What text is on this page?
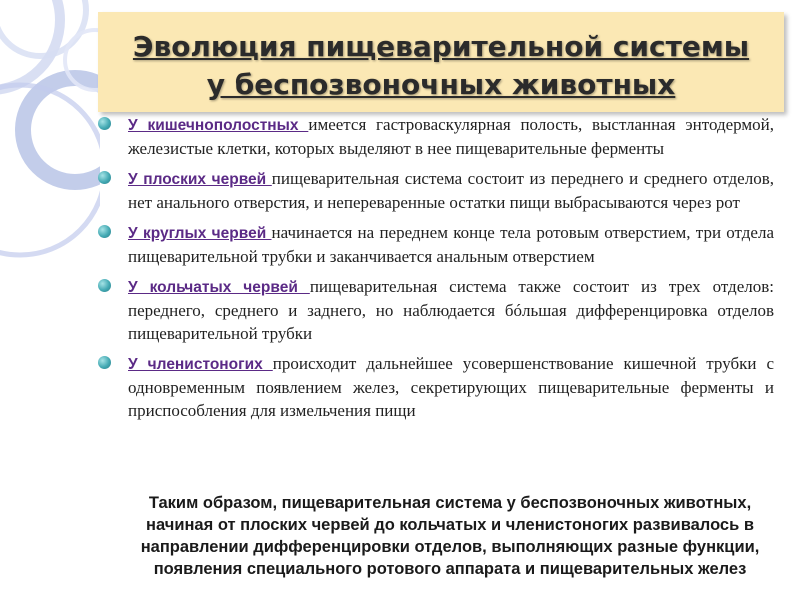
Эволюция пищеварительной системы
у беспозвоночных животных

У кишечнополостных имеется гастроваскулярная полость, выстланная энтодермой, железистые клетки, которых выделяют в нее пищеварительные ферменты

У плоских червей пищеварительная система состоит из переднего и среднего отделов, нет анального отверстия, и непереваренные остатки пищи выбрасываются через рот

У круглых червей начинается на переднем конце тела ротовым отверстием, три отдела пищеварительной трубки и заканчивается анальным отверстием

У кольчатых червей пищеварительная система также состоит из трех отделов: переднего, среднего и заднего, но наблюдается бóльшая дифференцировка отделов пищеварительной трубки

У членистоногих происходит дальнейшее усовершенствование кишечной трубки с одновременным появлением желез, секретирующих пищеварительные ферменты и приспособления для измельчения пищи

Таким образом, пищеварительная система у беспозвоночных животных, начиная от плоских червей до кольчатых и членистоногих развивалось в направлении дифференцировки отделов, выполняющих разные функции, появления специального ротового аппарата и пищеварительных желез
